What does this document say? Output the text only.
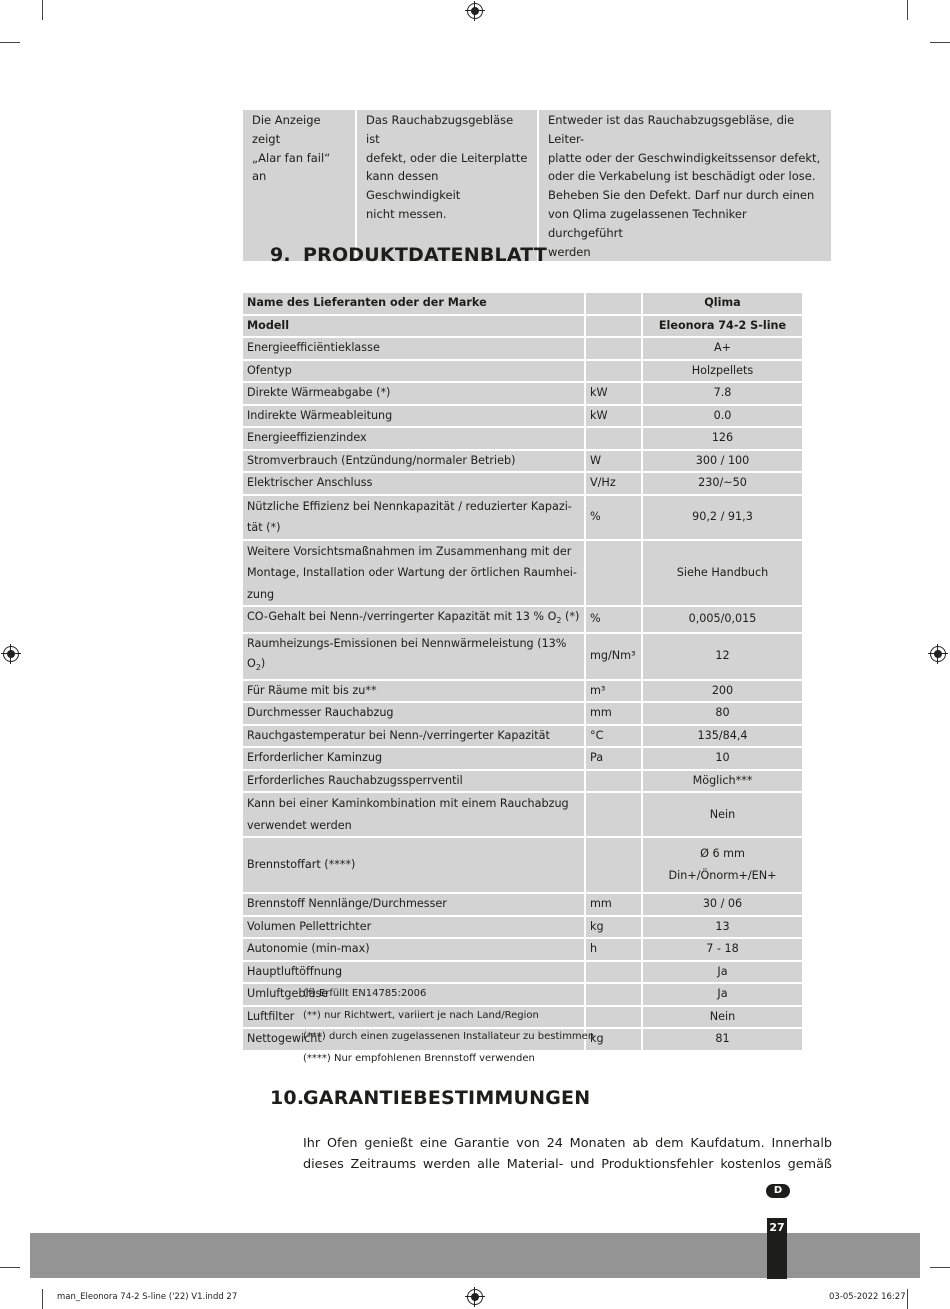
Die Anzeige zeigt
„Alar fan fail“ an

Das Rauchabzugsgebläse ist
defekt, oder die Leiterplatte
kann dessen Geschwindigkeit
nicht messen.

Entweder ist das Rauchabzugsgebläse, die Leiter-
platte oder der Geschwindigkeitssensor defekt,
oder die Verkabelung ist beschädigt oder lose.
Beheben Sie den Defekt. Darf nur durch einen
von Qlima zugelassenen Techniker durchgeführt
werden
9. PRODUKTDATENBLATT
Name des Lieferanten oder der Marke		Qlima
Modell		Eleonora 74-2 S-line
Energieefficiëntieklasse		A+
Ofentyp		Holzpellets
Direkte Wärmeabgabe (*)	kW	7.8
Indirekte Wärmeableitung	kW	0.0
Energieeffizienzindex		126
Stromverbrauch (Entzündung/normaler Betrieb)	W	300 / 100
Elektrischer Anschluss	V/Hz	230/~50

Nützliche Effizienz bei Nennkapazität / reduzierter Kapazi-
tät (*)	%	90,2 / 91,3

Weitere Vorsichtsmaßnahmen im Zusammenhang mit der
Montage, Installation oder Wartung der örtlichen Raumhei-
zung		Siehe Handbuch
CO-Gehalt bei Nenn-/verringerter Kapazität mit 13 % $O_2$ (*)	%	0,005/0,015
Raumheizungs-Emissionen bei Nennwärmeleistung (13% $O_2$)	mg/Nm³	12
Für Räume mit bis zu**	m³	200
Durchmesser Rauchabzug	mm	80
Rauchgastemperatur bei Nenn-/verringerter Kapazität	°C	135/84,4
Erforderlicher Kaminzug	Pa	10
Erforderliches Rauchabzugssperrventil		Möglich***

Kann bei einer Kaminkombination mit einem Rauchabzug
verwendet werden		Nein
Brennstoffart (****)		Ø 6 mm
Din+/Önorm+/EN+

Brennstoff Nennlänge/Durchmesser	mm	30 / 06
Volumen Pellettrichter	kg	13
Autonomie (min-max)	h	7 - 18
Hauptluftöffnung		Ja
Umluftgebläse		Ja
Luftfilter		Nein
Nettogewicht	kg	81
(*) Erfüllt EN14785:2006
(**) nur Richtwert, variiert je nach Land/Region
(***) durch einen zugelassenen Installateur zu bestimmen
(****) Nur empfohlenen Brennstoff verwenden
10.GARANTIEBESTIMMUNGEN
Ihr Ofen genießt eine Garantie von 24 Monaten ab dem Kaufdatum. Innerhalb
dieses Zeitraums werden alle Material- und Produktionsfehler kostenlos gemäß
D
27
man_Eleonora 74-2 S-line ('22) V1.indd 27	03-05-2022 16:27
